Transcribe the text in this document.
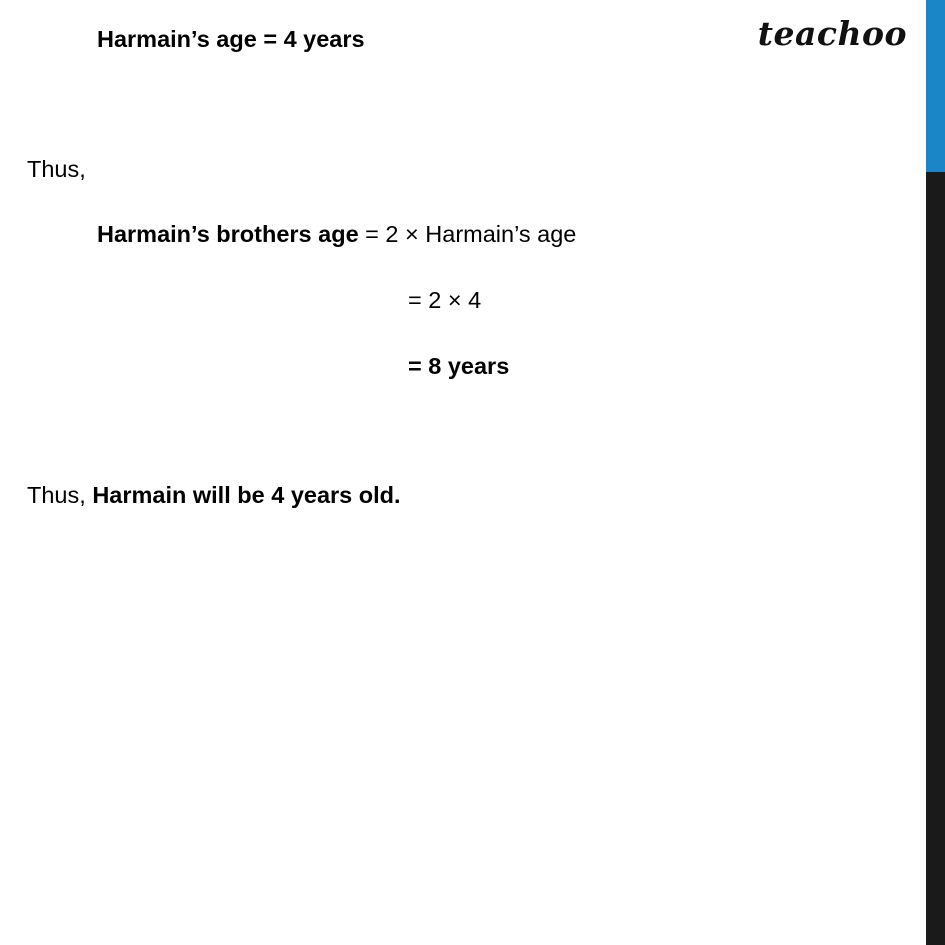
teachoo
Harmain’s age = 4 years
Thus,
Harmain’s brothers age = 2 × Harmain’s age
= 2 × 4
= 8 years
Thus, Harmain will be 4 years old.
